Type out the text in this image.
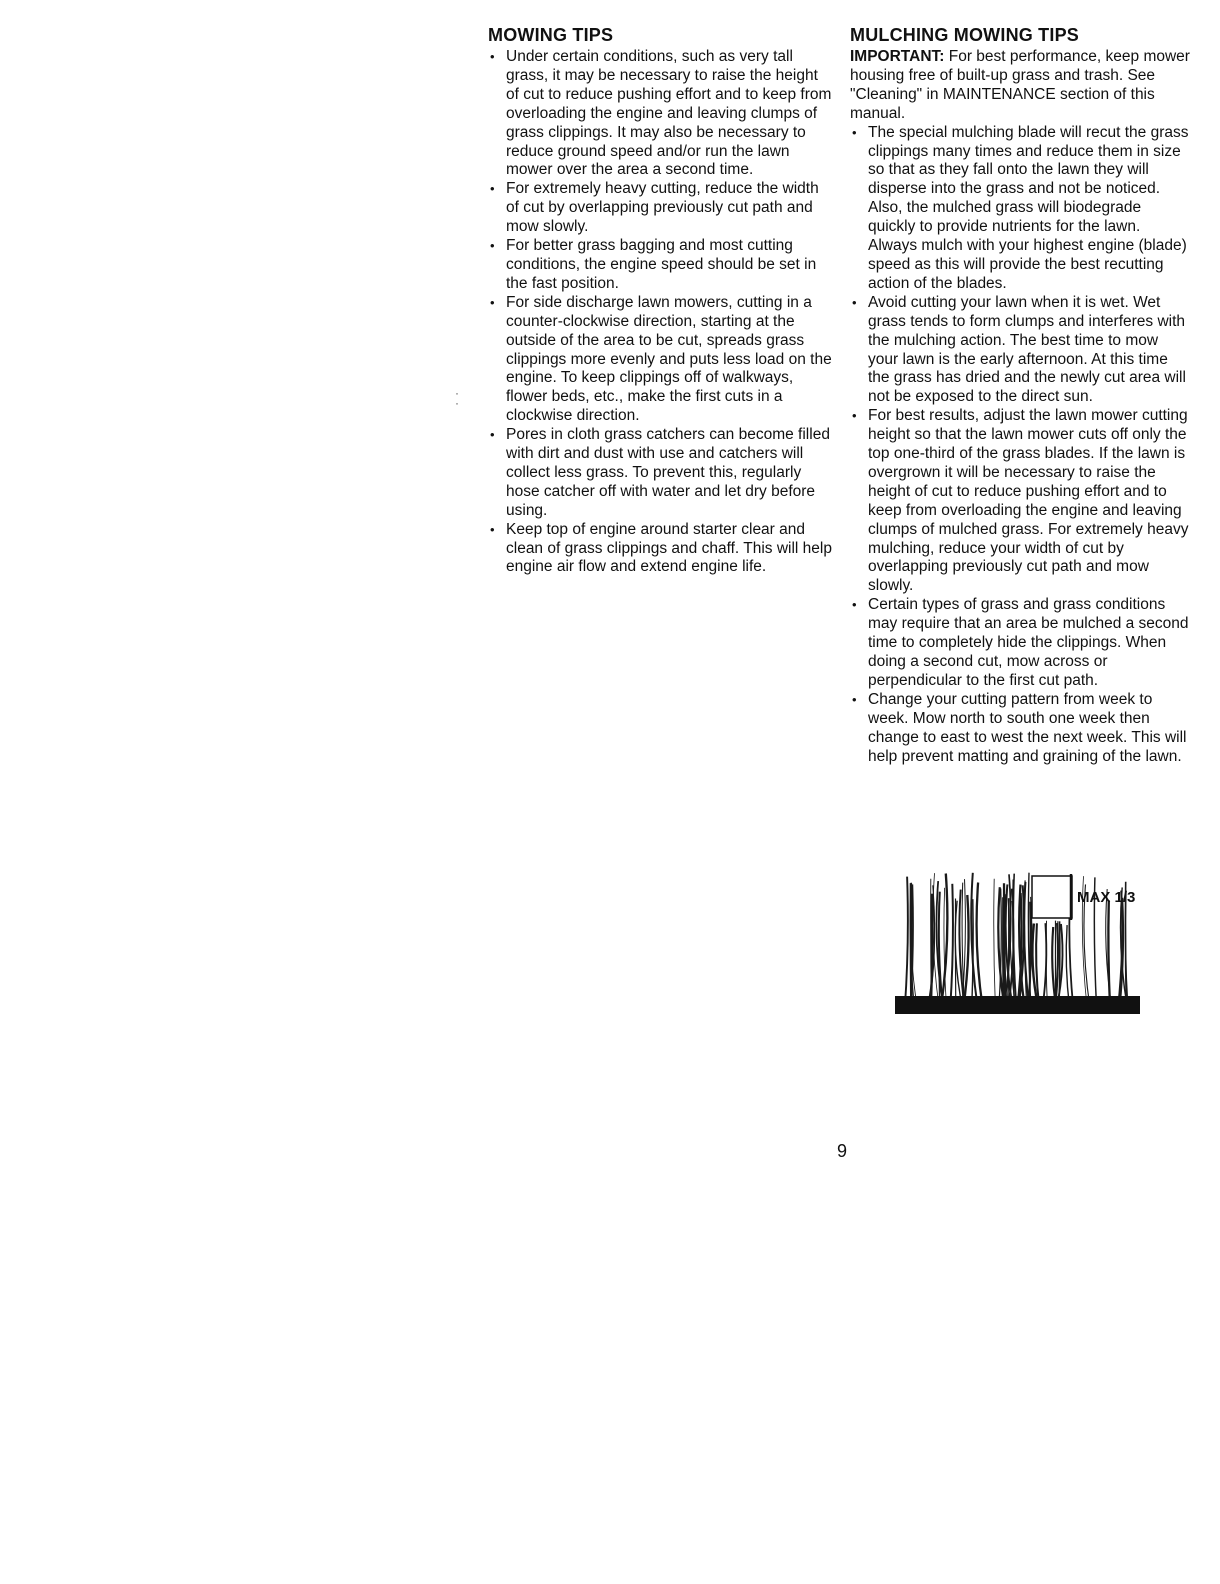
·
·
MOWING TIPS
• Under certain conditions, such as very tall grass, it may be necessary to raise the height of cut to reduce pushing effort and to keep from overloading the engine and leaving clumps of grass clippings. It may also be necessary to reduce ground speed and/or run the lawn mower over the area a second time.
• For extremely heavy cutting, reduce the width of cut by overlapping previously cut path and mow slowly.
• For better grass bagging and most cutting conditions, the engine speed should be set in the fast position.
• For side discharge lawn mowers, cutting in a counter-clockwise direction, starting at the outside of the area to be cut, spreads grass clippings more evenly and puts less load on the engine. To keep clippings off of walkways, flower beds, etc., make the first cuts in a clockwise direction.
• Pores in cloth grass catchers can become filled with dirt and dust with use and catchers will collect less grass. To prevent this, regularly hose catcher off with water and let dry before using.
• Keep top of engine around starter clear and clean of grass clippings and chaff. This will help engine air flow and extend engine life.
MULCHING MOWING TIPS

IMPORTANT: For best performance, keep mower housing free of built-up grass and trash. See "Cleaning" in MAINTENANCE section of this manual.

• The special mulching blade will recut the grass clippings many times and reduce them in size so that as they fall onto the lawn they will disperse into the grass and not be noticed. Also, the mulched grass will biodegrade quickly to provide nutrients for the lawn. Always mulch with your highest engine (blade) speed as this will provide the best recutting action of the blades.
• Avoid cutting your lawn when it is wet. Wet grass tends to form clumps and interferes with the mulching action. The best time to mow your lawn is the early afternoon. At this time the grass has dried and the newly cut area will not be exposed to the direct sun.
• For best results, adjust the lawn mower cutting height so that the lawn mower cuts off only the top one-third of the grass blades. If the lawn is overgrown it will be necessary to raise the height of cut to reduce pushing effort and to keep from overloading the engine and leaving clumps of mulched grass. For extremely heavy mulching, reduce your width of cut by overlapping previously cut path and mow slowly.
• Certain types of grass and grass conditions may require that an area be mulched a second time to completely hide the clippings. When doing a second cut, mow across or perpendicular to the first cut path.
• Change your cutting pattern from week to week. Mow north to south one week then change to east to west the next week. This will help prevent matting and graining of the lawn.
MAX 1/3
9
